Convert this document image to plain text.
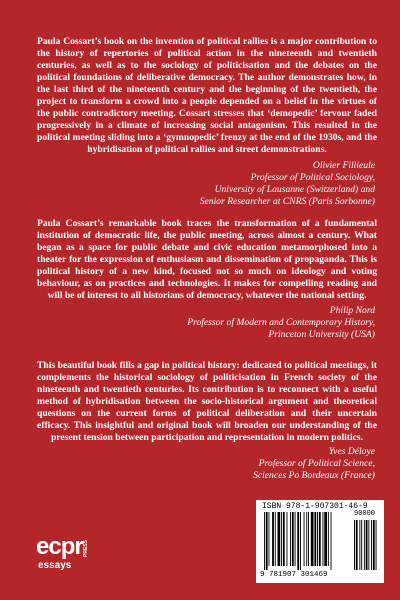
Paula Cossart’s book on the invention of political rallies is a major contribution to the history of repertories of political action in the nineteenth and twentieth centuries, as well as to the sociology of politicisation and the debates on the political foundations of deliberative democracy. The author demonstrates how, in the last third of the nineteenth century and the beginning of the twentieth, the project to transform a crowd into a people depended on a belief in the virtues of the public contradictory meeting. Cossart stresses that ‘demopedic’ fervour faded progressively in a climate of increasing social antagonism. This resulted in the political meeting sliding into a ‘gymnopedic’ frenzy at the end of the 1930s, and the hybridisation of political rallies and street demonstrations.

Olivier Fillieule
Professor of Political Sociology,
University of Lausanne (Switzerland) and
Senior Researcher at CNRS (Paris Sorbonne)

Paula Cossart’s remarkable book traces the transformation of a fundamental institution of democratic life, the public meeting, across almost a century. What began as a space for public debate and civic education metamorphosed into a theater for the expression of enthusiasm and dissemination of propaganda. This is political history of a new kind, focused not so much on ideology and voting behaviour, as on practices and technologies. It makes for compelling reading and will be of interest to all historians of democracy, whatever the national setting.

Philip Nord
Professor of Modern and Contemporary History,
Princeton University (USA)

This beautiful book fills a gap in political history: dedicated to political meetings, it complements the historical sociology of politicisation in French society of the nineteenth and twentieth centuries. Its contribution is to reconnect with a useful method of hybridisation between the socio-historical argument and theoretical questions on the current forms of political deliberation and their uncertain efficacy. This insightful and original book will broaden our understanding of the present tension between participation and representation in modern politics.

Yves Déloye
Professor of Political Science,
Sciences Po Bordeaux (France)
ecpr PRESS
essays
ISBN 978-1-907301-46-9
90000
9 781907 301469
